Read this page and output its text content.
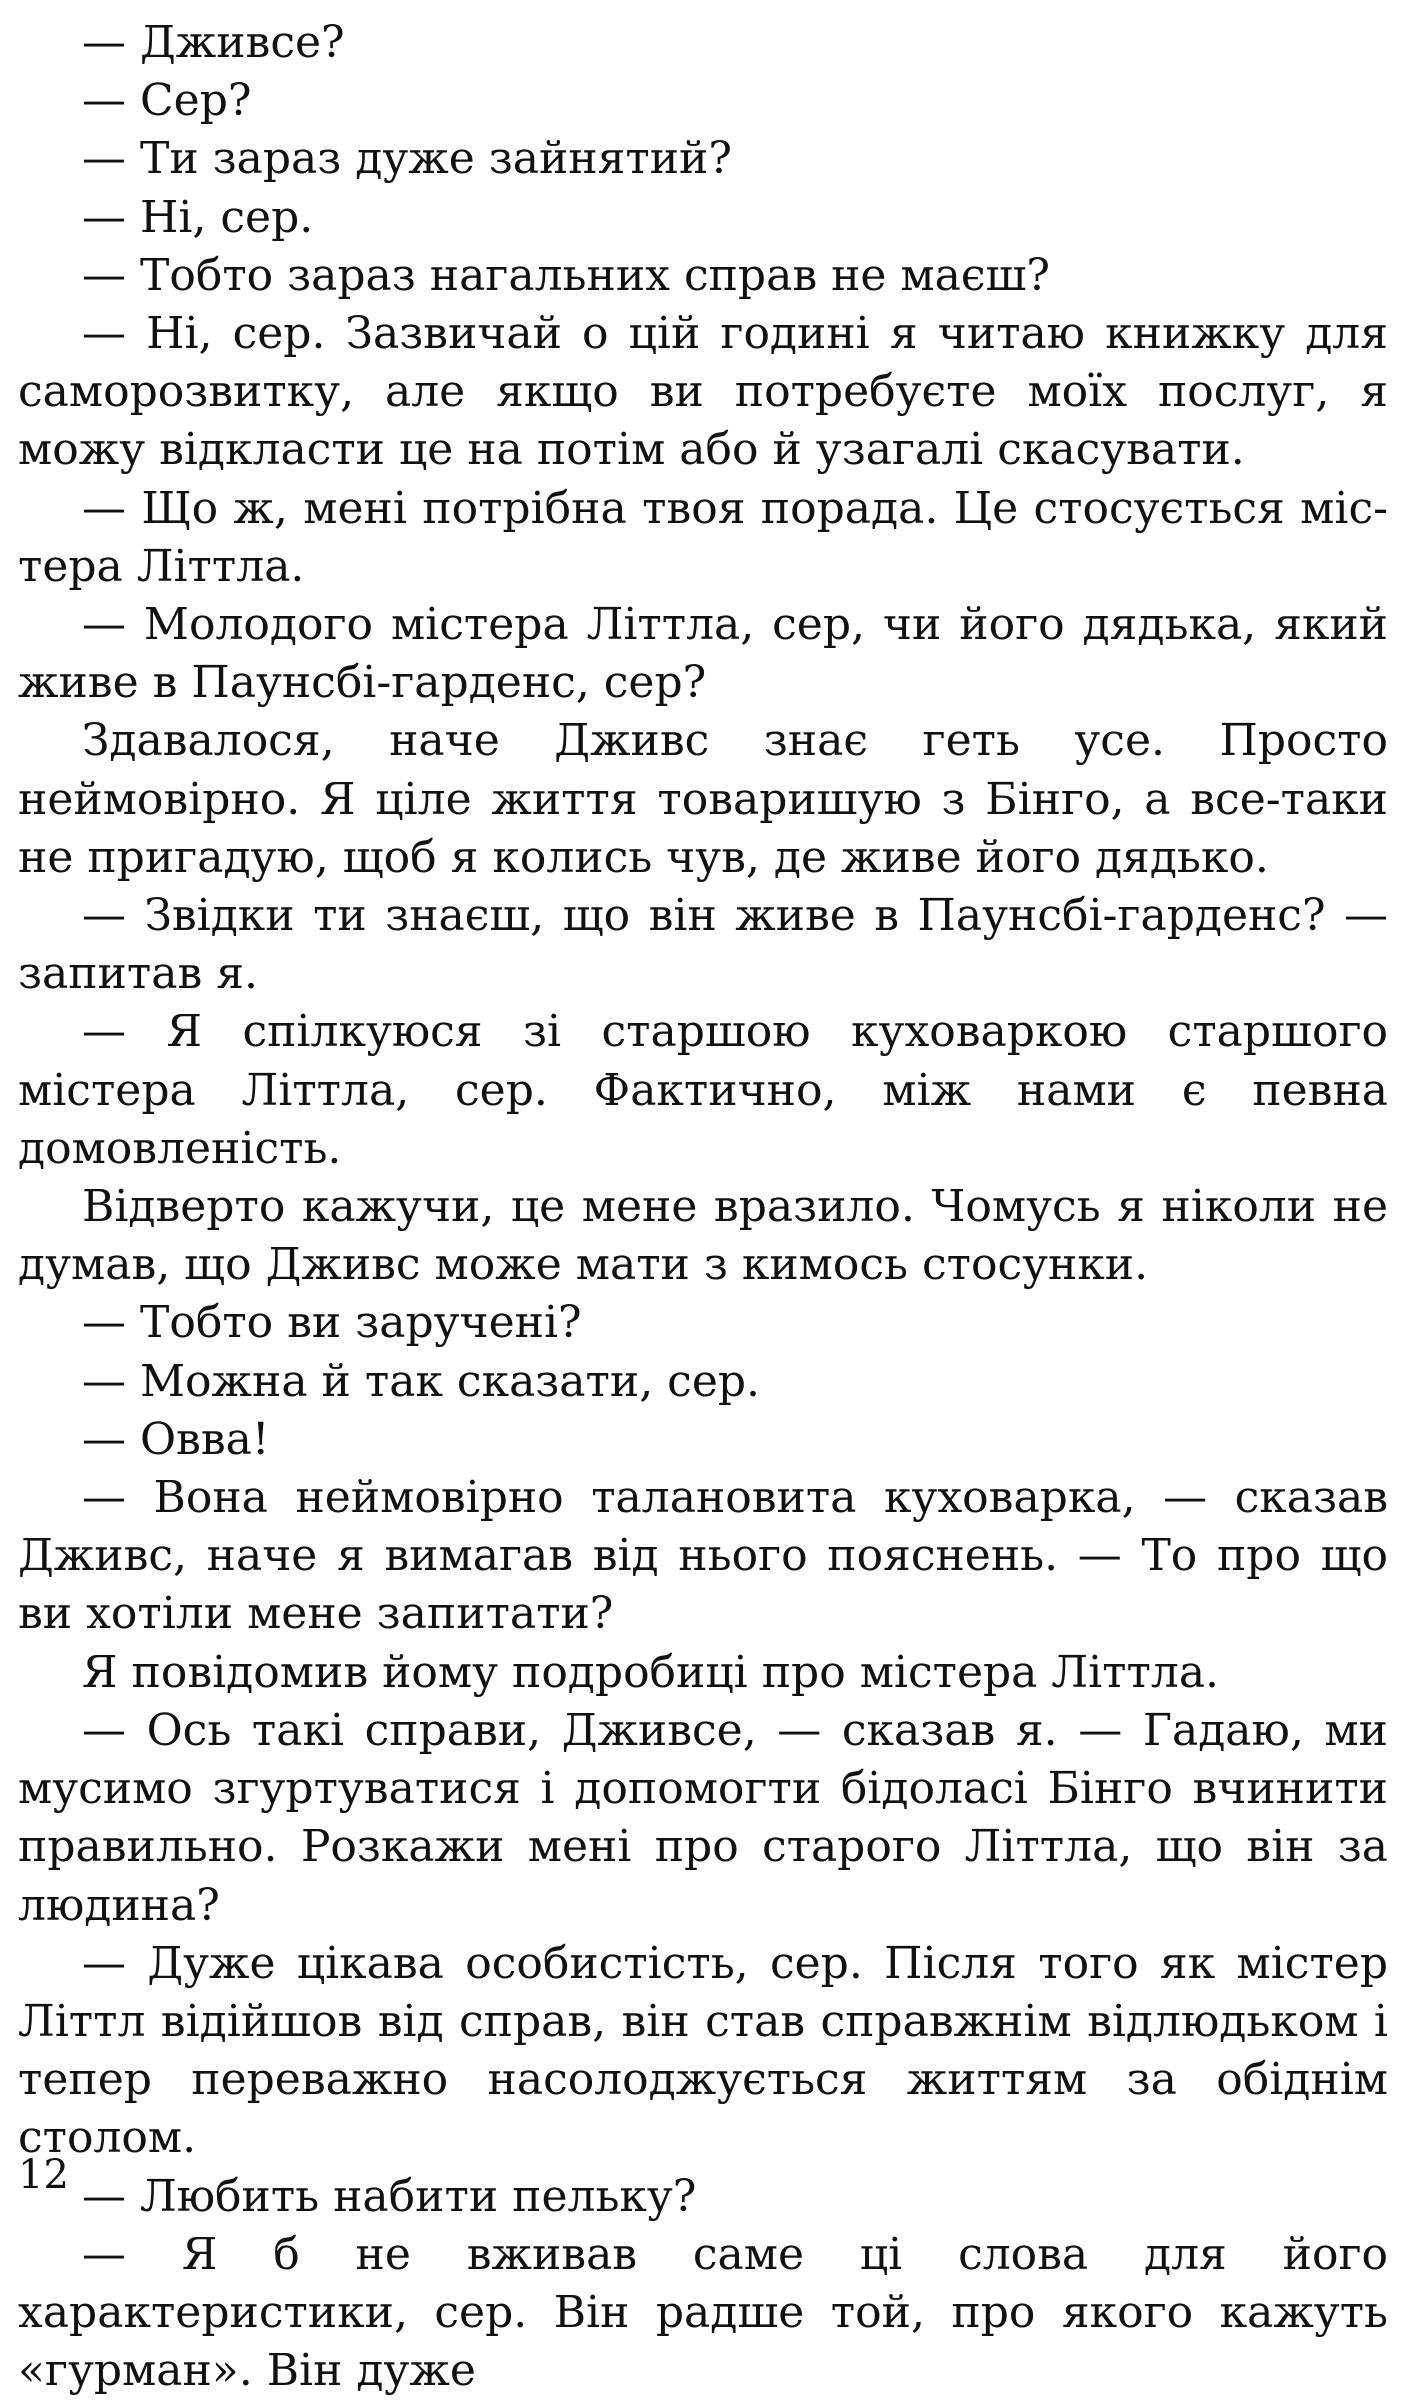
— Дживсе?

— Сер?

— Ти зараз дуже зайнятий?

— Ні, сер.

— Тобто зараз нагальних справ не маєш?

— Ні, сер. Зазвичай о цій годині я читаю книжку для саморозвитку, але якщо ви потребуєте моїх послуг, я можу відкласти це на потім або й узагалі скасувати.

— Що ж, мені потрібна твоя порада. Це стосується містера Літтла.

— Молодого містера Літтла, сер, чи його дядька, який живе в Паунсбі-гарденс, сер?

Здавалося, наче Дживс знає геть усе. Просто неймовірно. Я ціле життя товаришую з Бінго, а все-таки не пригадую, щоб я колись чув, де живе його дядько.

— Звідки ти знаєш, що він живе в Паунсбі-гарденс? — запитав я.

— Я спілкуюся зі старшою куховаркою старшого містера Літтла, сер. Фактично, між нами є певна домовленість.

Відверто кажучи, це мене вразило. Чомусь я ніколи не думав, що Дживс може мати з кимось стосунки.

— Тобто ви заручені?

— Можна й так сказати, сер.

— Овва!

— Вона неймовірно талановита куховарка, — сказав Дживс, наче я вимагав від нього пояснень. — То про що ви хотіли мене запитати?

Я повідомив йому подробиці про містера Літтла.

— Ось такі справи, Дживсе, — сказав я. — Гадаю, ми мусимо згуртуватися і допомогти бідоласі Бінго вчинити правильно. Розкажи мені про старого Літтла, що він за людина?

— Дуже цікава особистість, сер. Після того як містер Літтл відійшов від справ, він став справжнім відлюдьком і тепер переважно насолоджується життям за обіднім столом.

— Любить набити пельку?

— Я б не вживав саме ці слова для його характеристики, сер. Він радше той, про якого кажуть «гурман». Він дуже

12
